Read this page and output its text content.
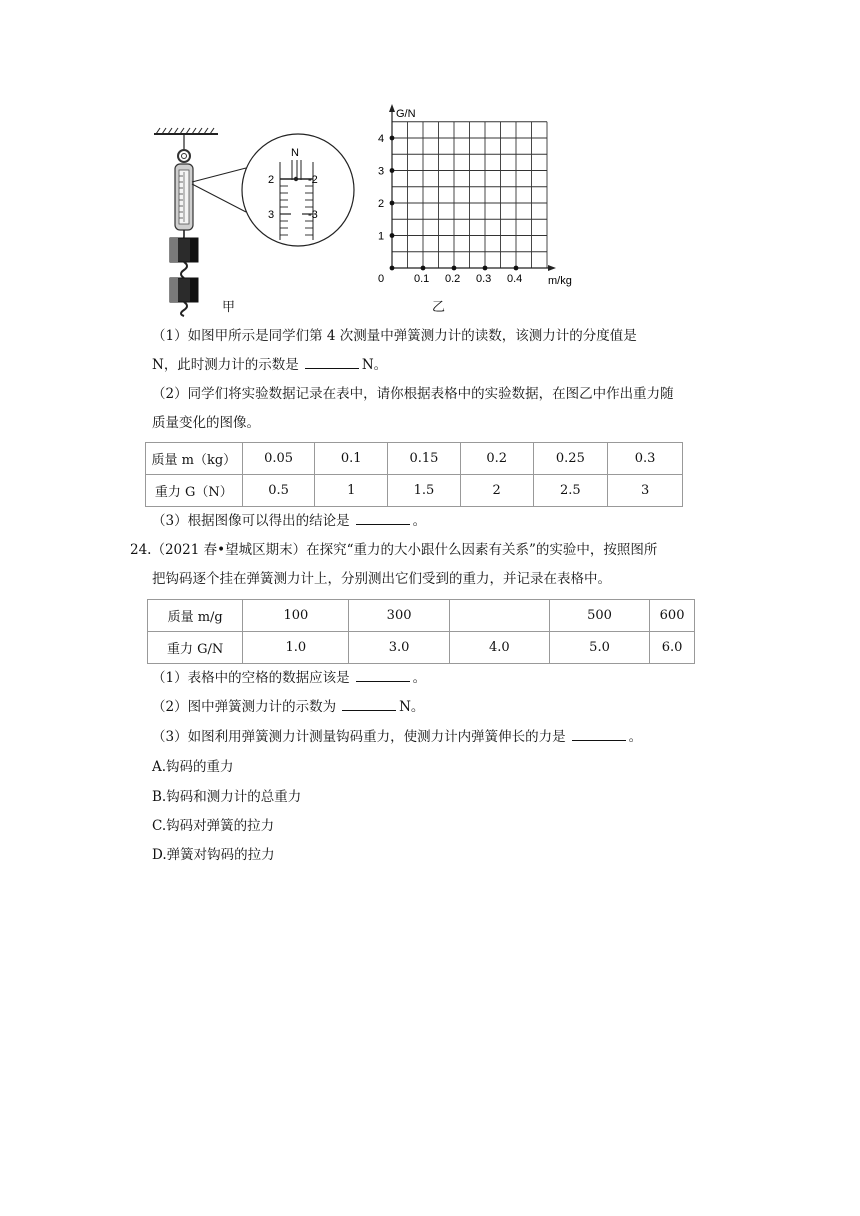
N
2	-2
3	-3
甲
0.1 0.2 0.3 0.4
1
2
3
4
G/N
m/kg
0
乙
（1）如图甲所示是同学们第 4 次测量中弹簧测力计的读数，该测力计的分度值是
N，此时测力计的示数是	N。
（2）同学们将实验数据记录在表中，请你根据表格中的实验数据，在图乙中作出重力随
质量变化的图像。
质量 m（kg）	0.05	0.1	0.15	0.2	0.25	0.3
重力 G（N）	0.5	1	1.5	2	2.5	3
（3）根据图像可以得出的结论是	。
24.（2021 春•望城区期末）在探究“重力的大小跟什么因素有关系”的实验中，按照图所
把钩码逐个挂在弹簧测力计上，分别测出它们受到的重力，并记录在表格中。
质量 m/g	100	300		500	600
重力 G/N	1.0	3.0	4.0	5.0	6.0
（1）表格中的空格的数据应该是	。
（2）图中弹簧测力计的示数为	N。
（3）如图利用弹簧测力计测量钩码重力，使测力计内弹簧伸长的力是	。
A.钩码的重力
B.钩码和测力计的总重力
C.钩码对弹簧的拉力
D.弹簧对钩码的拉力
